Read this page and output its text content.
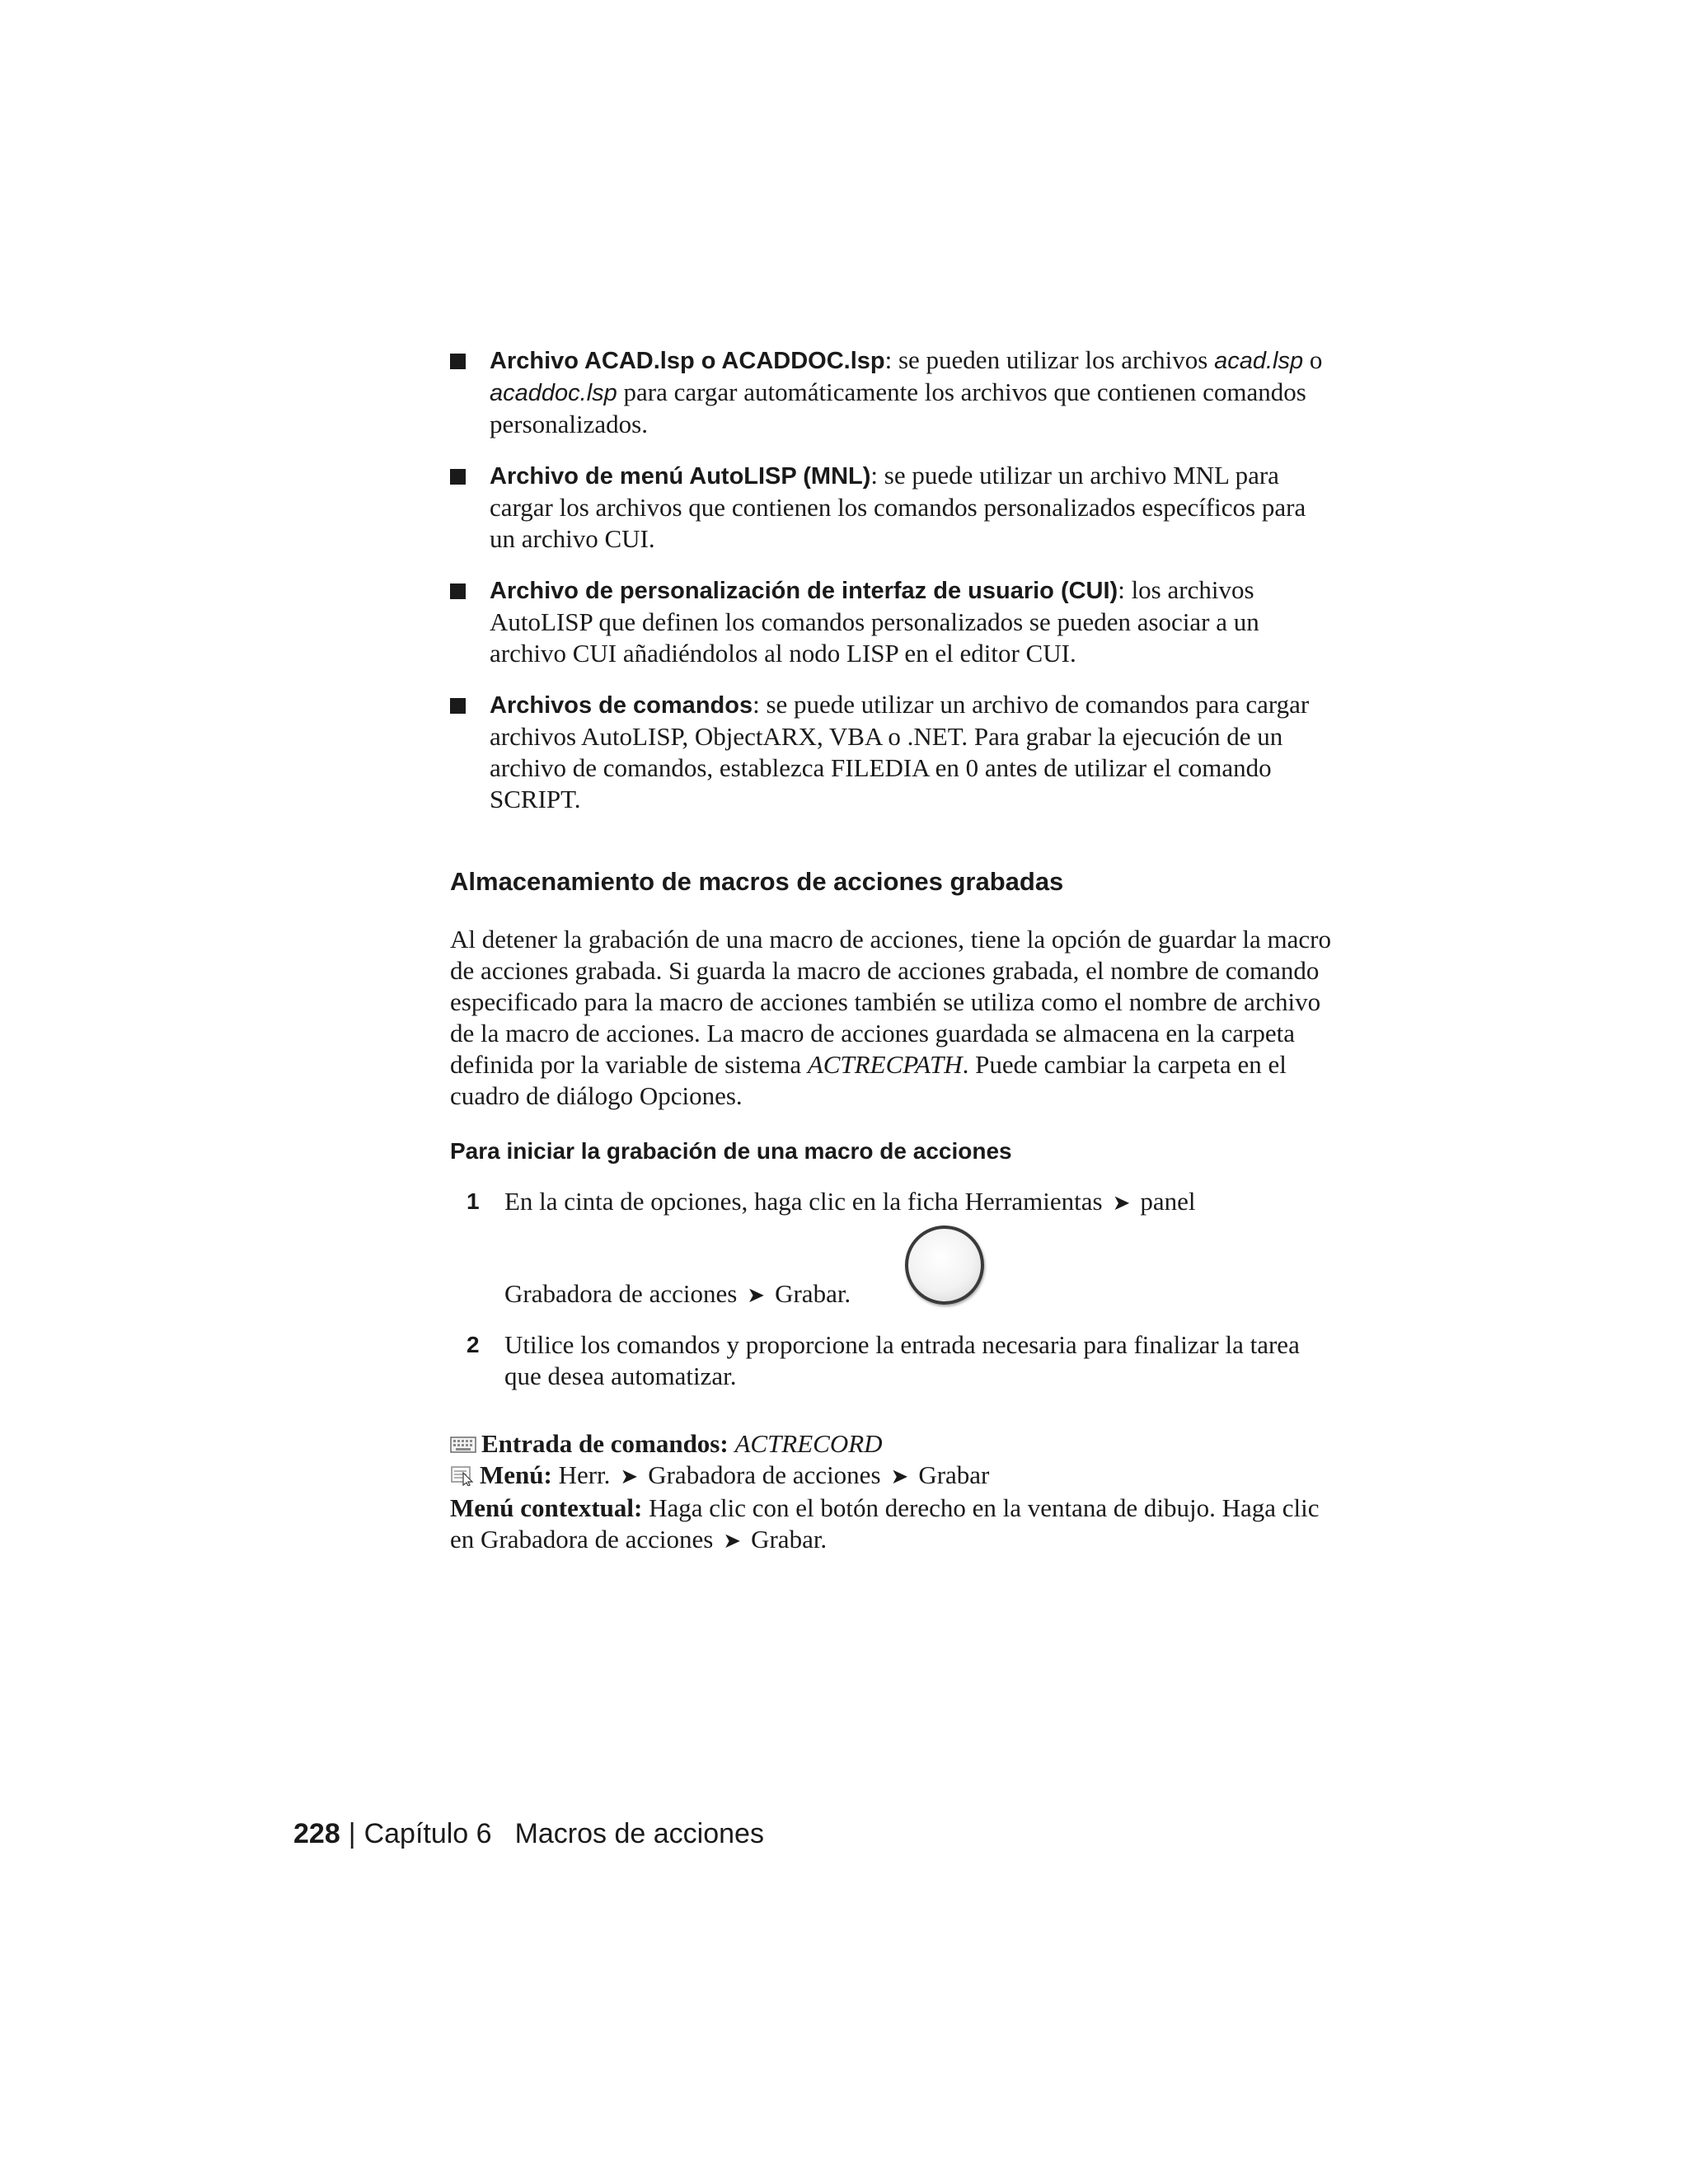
Archivo ACAD.lsp o ACADDOC.lsp: se pueden utilizar los archivos acad.lsp o acaddoc.lsp para cargar automáticamente los archivos que contienen comandos personalizados.
Archivo de menú AutoLISP (MNL): se puede utilizar un archivo MNL para cargar los archivos que contienen los comandos personalizados específicos para un archivo CUI.
Archivo de personalización de interfaz de usuario (CUI): los archivos AutoLISP que definen los comandos personalizados se pueden asociar a un archivo CUI añadiéndolos al nodo LISP en el editor CUI.
Archivos de comandos: se puede utilizar un archivo de comandos para cargar archivos AutoLISP, ObjectARX, VBA o .NET. Para grabar la ejecución de un archivo de comandos, establezca FILEDIA en 0 antes de utilizar el comando SCRIPT.
Almacenamiento de macros de acciones grabadas

Al detener la grabación de una macro de acciones, tiene la opción de guardar la macro de acciones grabada. Si guarda la macro de acciones grabada, el nombre de comando especificado para la macro de acciones también se utiliza como el nombre de archivo de la macro de acciones. La macro de acciones guardada se almacena en la carpeta definida por la variable de sistema ACTRECPATH. Puede cambiar la carpeta en el cuadro de diálogo Opciones.

Para iniciar la grabación de una macro de acciones
1 En la cinta de opciones, haga clic en la ficha Herramientas ➤ panel
Grabadora de acciones ➤ Grabar.
2 Utilice los comandos y proporcione la entrada necesaria para finalizar la tarea que desea automatizar.
Entrada de comandos: ACTRECORD
Menú: Herr. ➤ Grabadora de acciones ➤ Grabar
Menú contextual: Haga clic con el botón derecho en la ventana de dibujo. Haga clic en Grabadora de acciones ➤ Grabar.
228 | Capítulo 6 Macros de acciones
